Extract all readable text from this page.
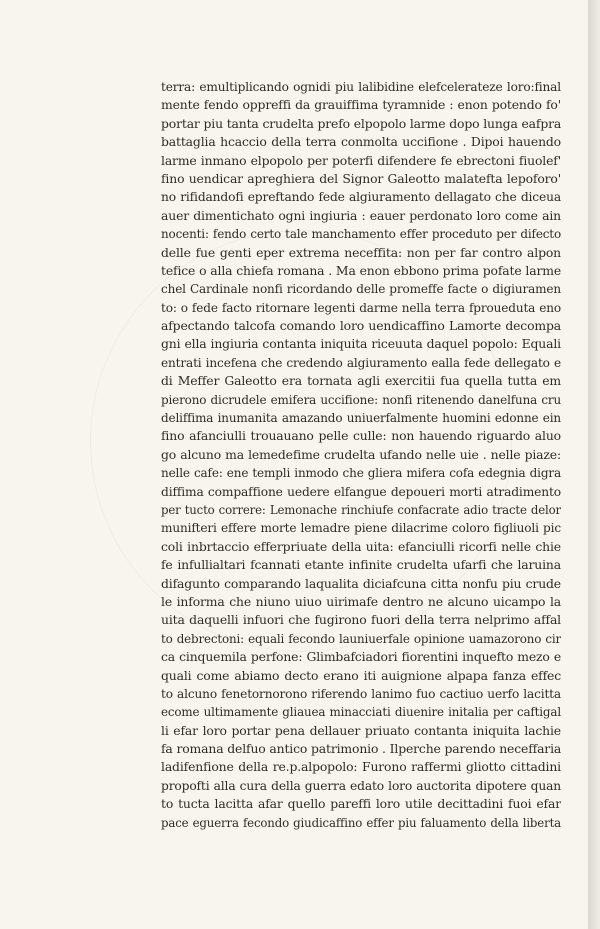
terra: emultiplicando ognidi piu lalibidine elefcelerateze loro:final
mente fendo oppreffi da grauiffima tyramnide : enon potendo fo'
portar piu tanta crudelta prefo elpopolo larme dopo lunga eafpra
battaglia hcaccio della terra conmolta uccifione . Dipoi hauendo
larme inmano elpopolo per poterfi difendere fe ebrectoni fiuolef'
fino uendicar apreghiera del Signor Galeotto malatefta lepoforo'
no rifidandofi epreftando fede algiuramento dellagato che diceua
auer dimentichato ogni ingiuria : eauer perdonato loro come ain
nocenti: fendo certo tale manchamento effer proceduto per difecto
delle fue genti eper extrema neceffita: non per far contro alpon
tefice o alla chiefa romana . Ma enon ebbono prima pofate larme
chel Cardinale nonfi ricordando delle promeffe facte o digiuramen
to: o fede facto ritornare legenti darme nella terra fproueduta eno
afpectando talcofa comando loro uendicaffino Lamorte decompa
gni ella ingiuria contanta iniquita riceuuta daquel popolo: Equali
entrati incefena che credendo algiuramento ealla fede dellegato e
di Meffer Galeotto era tornata agli exercitii fua quella tutta em
pierono dicrudele emifera uccifione: nonfi ritenendo danelfuna cru
deliffima inumanita amazando uniuerfalmente huomini edonne ein
fino afanciulli trouauano pelle culle: non hauendo riguardo aluo
go alcuno ma lemedefime crudelta ufando nelle uie . nelle piaze:
nelle cafe: ene templi inmodo che gliera mifera cofa edegnia digra
diffima compaffione uedere elfangue depoueri morti atradimento
per tucto correre: Lemonache rinchiufe confacrate adio tracte delor
munifteri effere morte lemadre piene dilacrime coloro figliuoli pic
coli inbrtaccio efferpriuate della uita: efanciulli ricorfi nelle chie
fe infullialtari fcannati etante infinite crudelta ufarfi che laruina
difagunto comparando laqualita diciafcuna citta nonfu piu crude
le informa che niuno uiuo uirimafe dentro ne alcuno uicampo la
uita daquelli infuori che fugirono fuori della terra nelprimo affal
to debrectoni: equali fecondo launiuerfale opinione uamazorono cir
ca cinquemila perfone: Glimbafciadori fiorentini inquefto mezo e
quali come abiamo decto erano iti auignione alpapa fanza effec
to alcuno fenetornorono riferendo lanimo fuo cactiuo uerfo lacitta
ecome ultimamente gliauea minacciati diuenire initalia per caftigal
li efar loro portar pena dellauer priuato contanta iniquita lachie
fa romana delfuo antico patrimonio . Ilperche parendo neceffaria
ladifenfione della re.p.alpopolo: Furono raffermi gliotto cittadini
propofti alla cura della guerra edato loro auctorita dipotere quan
to tucta lacitta afar quello pareffi loro utile decittadini fuoi efar
pace eguerra fecondo giudicaffino effer piu faluamento della liberta
